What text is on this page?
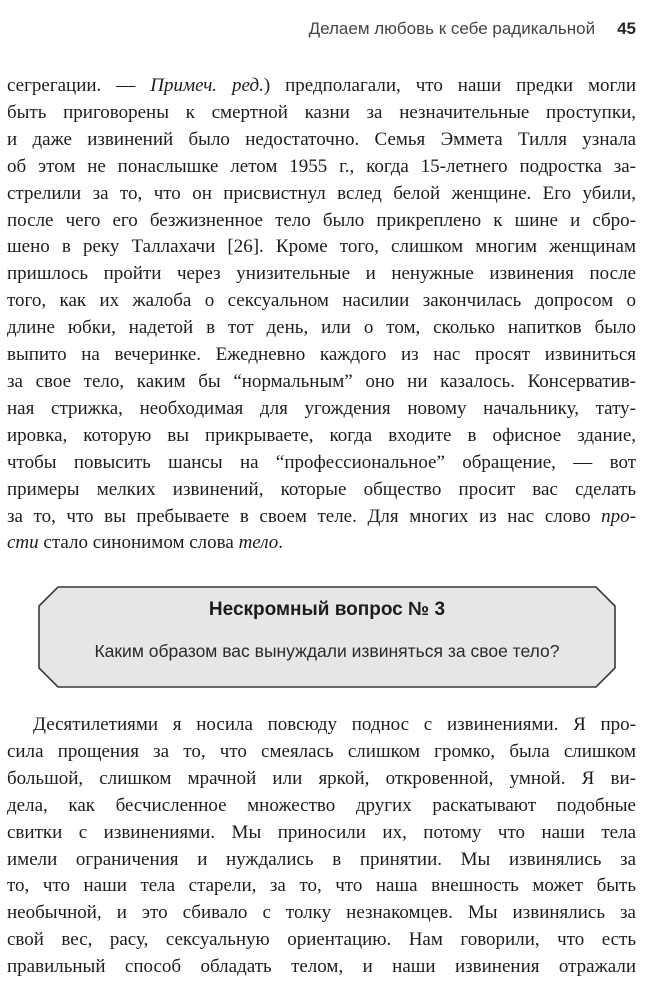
Делаем любовь к себе радикальной 45
сегрегации. — Примеч. ред.) предполагали, что наши предки могли
быть приговорены к смертной казни за незначительные проступки,
и даже извинений было недостаточно. Семья Эммета Тилля узнала
об этом не понаслышке летом 1955 г., когда 15-летнего подростка за-
стрелили за то, что он присвистнул вслед белой женщине. Его убили,
после чего его безжизненное тело было прикреплено к шине и сбро-
шено в реку Таллахачи [26]. Кроме того, слишком многим женщинам
пришлось пройти через унизительные и ненужные извинения после
того, как их жалоба о сексуальном насилии закончилась допросом о
длине юбки, надетой в тот день, или о том, сколько напитков было
выпито на вечеринке. Ежедневно каждого из нас просят извиниться
за свое тело, каким бы “нормальным” оно ни казалось. Консерватив-
ная стрижка, необходимая для угождения новому начальнику, тату-
ировка, которую вы прикрываете, когда входите в офисное здание,
чтобы повысить шансы на “профессиональное” обращение, — вот
примеры мелких извинений, которые общество просит вас сделать
за то, что вы пребываете в своем теле. Для многих из нас слово про-
сти стало синонимом слова тело.
Нескромный вопрос № 3
Каким образом вас вынуждали извиняться за свое тело?
Десятилетиями я носила повсюду поднос с извинениями. Я про-
сила прощения за то, что смеялась слишком громко, была слишком
большой, слишком мрачной или яркой, откровенной, умной. Я ви-
дела, как бесчисленное множество других раскатывают подобные
свитки с извинениями. Мы приносили их, потому что наши тела
имели ограничения и нуждались в принятии. Мы извинялись за
то, что наши тела старели, за то, что наша внешность может быть
необычной, и это сбивало с толку незнакомцев. Мы извинялись за
свой вес, расу, сексуальную ориентацию. Нам говорили, что есть
правильный способ обладать телом, и наши извинения отражали
